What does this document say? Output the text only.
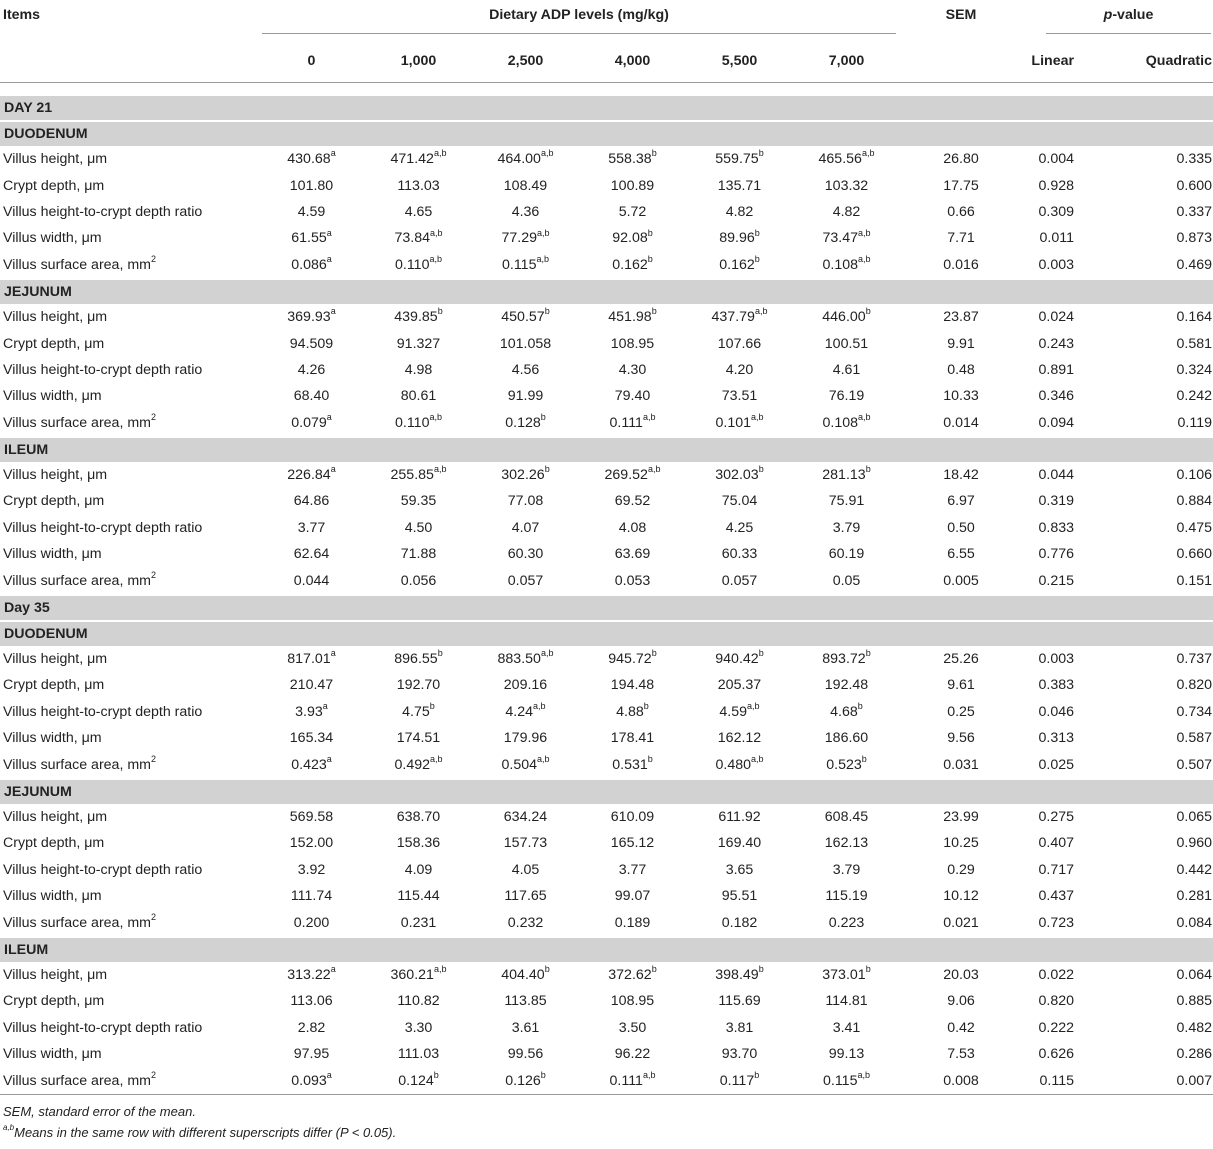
Items	Dietary ADP levels (mg/kg)						SEM	p-value	

	0	1,000	2,500	4,000	5,500	7,000		Linear	Quadratic

DAY 21									
DUODENUM									
Villus height, μm	430.68$^a$	471.42$^{a,b}$	464.00$^{a,b}$	558.38$^b$	559.75$^b$	465.56$^{a,b}$	26.80	0.004	0.335
Crypt depth, μm	101.80	113.03	108.49	100.89	135.71	103.32	17.75	0.928	0.600
Villus height-to-crypt depth ratio	4.59	4.65	4.36	5.72	4.82	4.82	0.66	0.309	0.337
Villus width, μm	61.55$^a$	73.84$^{a,b}$	77.29$^{a,b}$	92.08$^b$	89.96$^b$	73.47$^{a,b}$	7.71	0.011	0.873
Villus surface area, $mm^2$	0.086$^a$	0.110$^{a,b}$	0.115$^{a,b}$	0.162$^b$	0.162$^b$	0.108$^{a,b}$	0.016	0.003	0.469
JEJUNUM									
Villus height, μm	369.93$^a$	439.85$^b$	450.57$^b$	451.98$^b$	437.79$^{a,b}$	446.00$^b$	23.87	0.024	0.164
Crypt depth, μm	94.509	91.327	101.058	108.95	107.66	100.51	9.91	0.243	0.581
Villus height-to-crypt depth ratio	4.26	4.98	4.56	4.30	4.20	4.61	0.48	0.891	0.324
Villus width, μm	68.40	80.61	91.99	79.40	73.51	76.19	10.33	0.346	0.242
Villus surface area, $mm^2$	0.079$^a$	0.110$^{a,b}$	0.128$^b$	0.111$^{a,b}$	0.101$^{a,b}$	0.108$^{a,b}$	0.014	0.094	0.119
ILEUM									
Villus height, μm	226.84$^a$	255.85$^{a,b}$	302.26$^b$	269.52$^{a,b}$	302.03$^b$	281.13$^b$	18.42	0.044	0.106
Crypt depth, μm	64.86	59.35	77.08	69.52	75.04	75.91	6.97	0.319	0.884
Villus height-to-crypt depth ratio	3.77	4.50	4.07	4.08	4.25	3.79	0.50	0.833	0.475
Villus width, μm	62.64	71.88	60.30	63.69	60.33	60.19	6.55	0.776	0.660
Villus surface area, $mm^2$	0.044	0.056	0.057	0.053	0.057	0.05	0.005	0.215	0.151
Day 35									
DUODENUM									
Villus height, μm	817.01$^a$	896.55$^b$	883.50$^{a,b}$	945.72$^b$	940.42$^b$	893.72$^b$	25.26	0.003	0.737
Crypt depth, μm	210.47	192.70	209.16	194.48	205.37	192.48	9.61	0.383	0.820
Villus height-to-crypt depth ratio	3.93$^a$	4.75$^b$	4.24$^{a,b}$	4.88$^b$	4.59$^{a,b}$	4.68$^b$	0.25	0.046	0.734
Villus width, μm	165.34	174.51	179.96	178.41	162.12	186.60	9.56	0.313	0.587
Villus surface area, $mm^2$	0.423$^a$	0.492$^{a,b}$	0.504$^{a,b}$	0.531$^b$	0.480$^{a,b}$	0.523$^b$	0.031	0.025	0.507
JEJUNUM									
Villus height, μm	569.58	638.70	634.24	610.09	611.92	608.45	23.99	0.275	0.065
Crypt depth, μm	152.00	158.36	157.73	165.12	169.40	162.13	10.25	0.407	0.960
Villus height-to-crypt depth ratio	3.92	4.09	4.05	3.77	3.65	3.79	0.29	0.717	0.442
Villus width, μm	111.74	115.44	117.65	99.07	95.51	115.19	10.12	0.437	0.281
Villus surface area, $mm^2$	0.200	0.231	0.232	0.189	0.182	0.223	0.021	0.723	0.084
ILEUM									
Villus height, μm	313.22$^a$	360.21$^{a,b}$	404.40$^b$	372.62$^b$	398.49$^b$	373.01$^b$	20.03	0.022	0.064
Crypt depth, μm	113.06	110.82	113.85	108.95	115.69	114.81	9.06	0.820	0.885
Villus height-to-crypt depth ratio	2.82	3.30	3.61	3.50	3.81	3.41	0.42	0.222	0.482
Villus width, μm	97.95	111.03	99.56	96.22	93.70	99.13	7.53	0.626	0.286
Villus surface area, $mm^2$	0.093$^a$	0.124$^b$	0.126$^b$	0.111$^{a,b}$	0.117$^b$	0.115$^{a,b}$	0.008	0.115	0.007
SEM, standard error of the mean.
$^{a,b}$Means in the same row with different superscripts differ (P < 0.05).
